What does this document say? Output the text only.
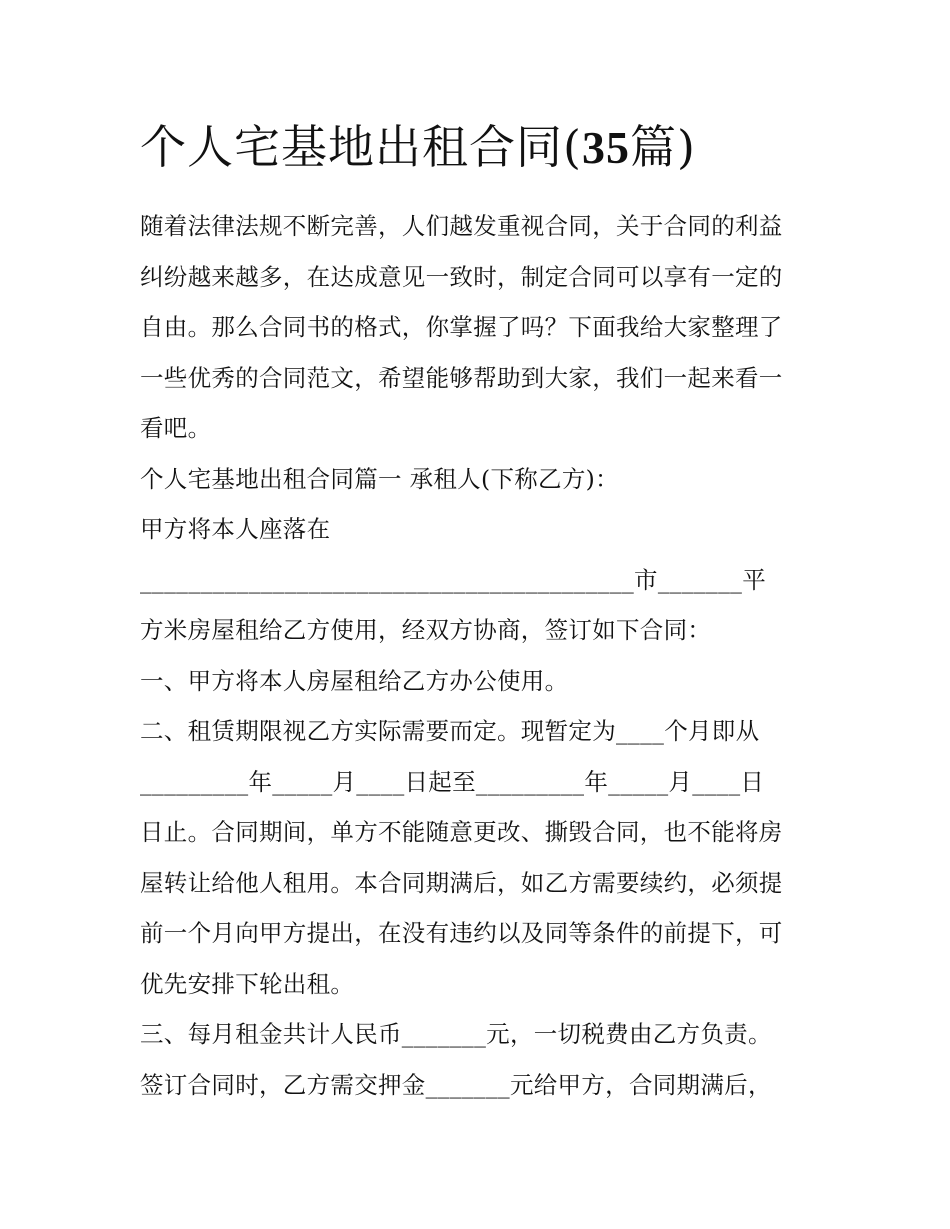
个人宅基地出租合同(35篇)
随着法律法规不断完善，人们越发重视合同，关于合同的利益
纠纷越来越多，在达成意见一致时，制定合同可以享有一定的
自由。那么合同书的格式，你掌握了吗？下面我给大家整理了
一些优秀的合同范文，希望能够帮助到大家，我们一起来看一
看吧。
个人宅基地出租合同篇一 承租人(下称乙方)：
甲方将本人座落在
_________________________________________市_______平
方米房屋租给乙方使用，经双方协商，签订如下合同：
一、甲方将本人房屋租给乙方办公使用。
二、租赁期限视乙方实际需要而定。现暂定为____个月即从
_________年_____月____日起至_________年_____月____日
日止。合同期间，单方不能随意更改、撕毁合同，也不能将房
屋转让给他人租用。本合同期满后，如乙方需要续约，必须提
前一个月向甲方提出，在没有违约以及同等条件的前提下，可
优先安排下轮出租。
三、每月租金共计人民币_______元，一切税费由乙方负责。
签订合同时，乙方需交押金_______元给甲方，合同期满后，
